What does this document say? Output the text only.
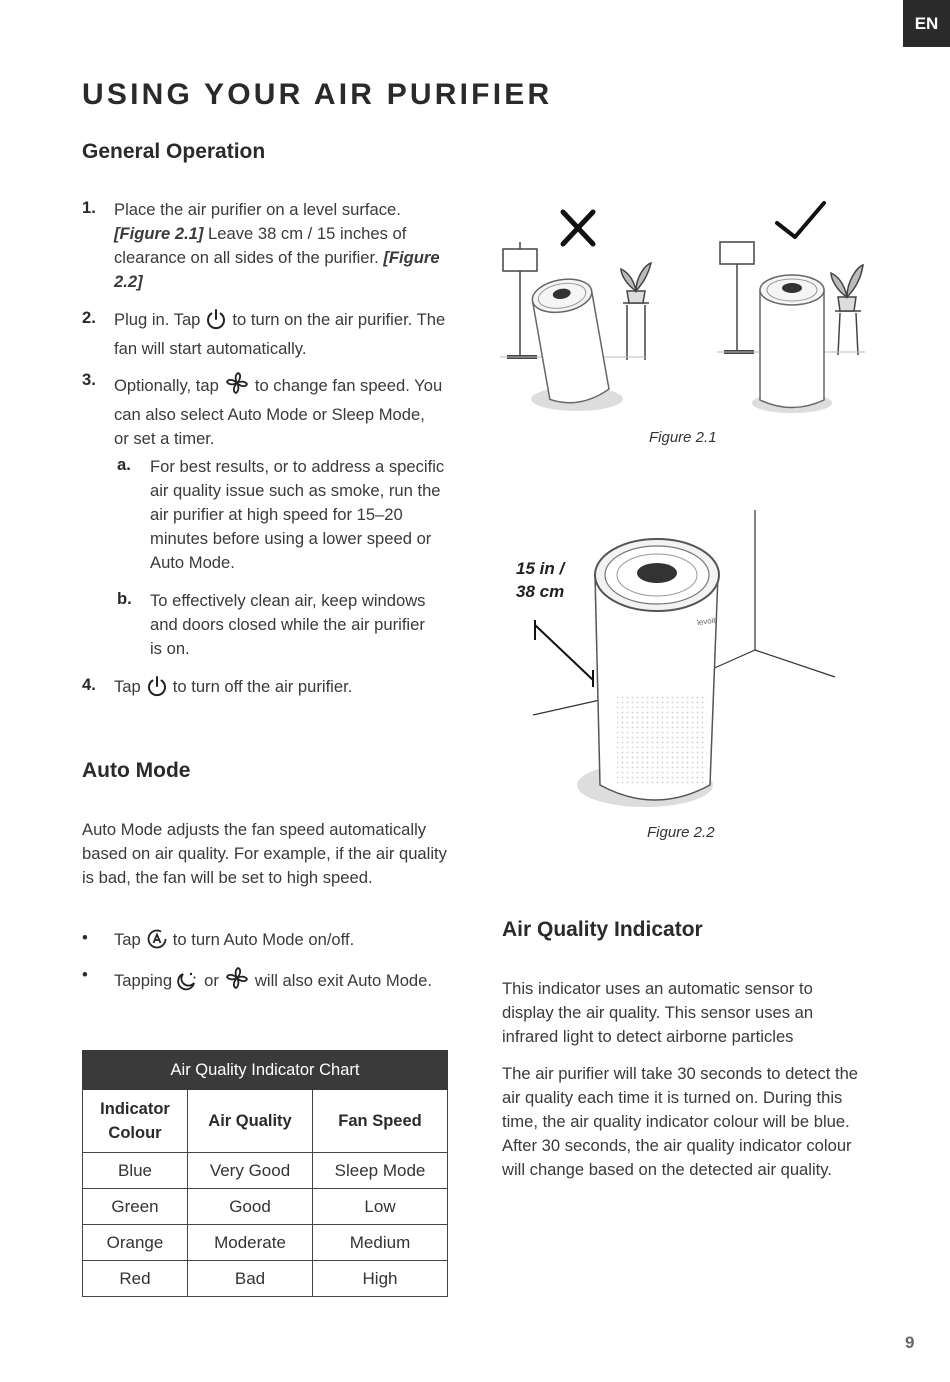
EN
USING YOUR AIR PURIFIER
General Operation
1. Place the air purifier on a level surface. [Figure 2.1] Leave 38 cm / 15 inches of clearance on all sides of the purifier. [Figure 2.2]
2. Plug in. Tap to turn on the air purifier. The fan will start automatically.
3. Optionally, tap to change fan speed. You can also select Auto Mode or Sleep Mode, or set a timer.
a. For best results, or to address a specific air quality issue such as smoke, run the air purifier at high speed for 15–20 minutes before using a lower speed or Auto Mode.
b. To effectively clean air, keep windows and doors closed while the air purifier is on.
4. Tap to turn off the air purifier.
Auto Mode
Auto Mode adjusts the fan speed automatically based on air quality. For example, if the air quality is bad, the fan will be set to high speed.
• Tap to turn Auto Mode on/off.
• Tapping or will also exit Auto Mode.
Air Quality Indicator Chart		
Indicator Colour	Air Quality	Fan Speed
Blue	Very Good	Sleep Mode
Green	Good	Low
Orange	Moderate	Medium
Red	Bad	High
Figure 2.1
levoit
15 in /
38 cm
Figure 2.2
Air Quality Indicator
This indicator uses an automatic sensor to display the air quality. This sensor uses an infrared light to detect airborne particles
The air purifier will take 30 seconds to detect the air quality each time it is turned on. During this time, the air quality indicator colour will be blue. After 30 seconds, the air quality indicator colour will change based on the detected air quality.
9
